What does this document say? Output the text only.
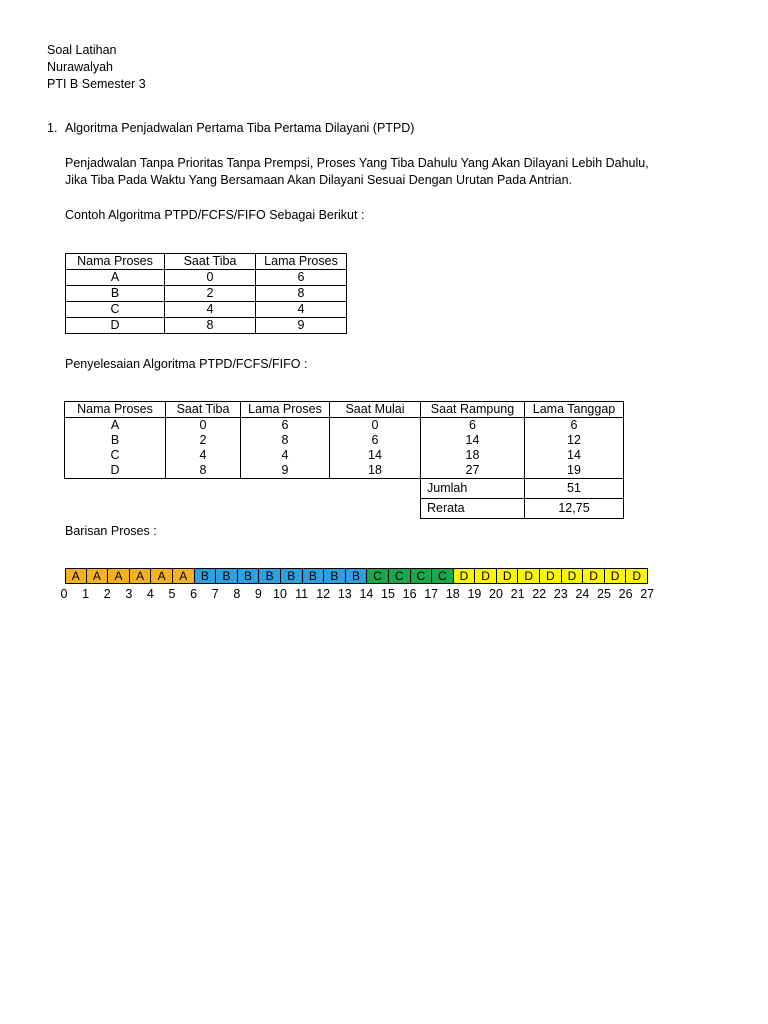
Soal Latihan
Nurawalyah
PTI B Semester 3
1. Algoritma Penjadwalan Pertama Tiba Pertama Dilayani (PTPD)
Penjadwalan Tanpa Prioritas Tanpa Prempsi, Proses Yang Tiba Dahulu Yang Akan Dilayani Lebih Dahulu,
Jika Tiba Pada Waktu Yang Bersamaan Akan Dilayani Sesuai Dengan Urutan Pada Antrian.
Contoh Algoritma PTPD/FCFS/FIFO Sebagai Berikut :
Nama Proses	Saat Tiba	Lama Proses
A	0	6
B	2	8
C	4	4
D	8	9
Penyelesaian Algoritma PTPD/FCFS/FIFO :
Nama Proses	Saat Tiba	Lama Proses	Saat Mulai	Saat Rampung	Lama Tanggap
A	0	6	0	6	6
B	2	8	6	14	12
C	4	4	14	18	14
D	8	9	18	27	19
				Jumlah	51
				Rerata	12,75
Barisan Proses :
A	A	A	A	A	A	B	B	B	B	B	B	B	B	C	C	C	C	D	D	D	D	D	D	D	D	D
0 1 2 3 4 5 6 7 8 9 10 11 12 13 14 15 16 17 18 19 20 21 22 23 24 25 26 27
